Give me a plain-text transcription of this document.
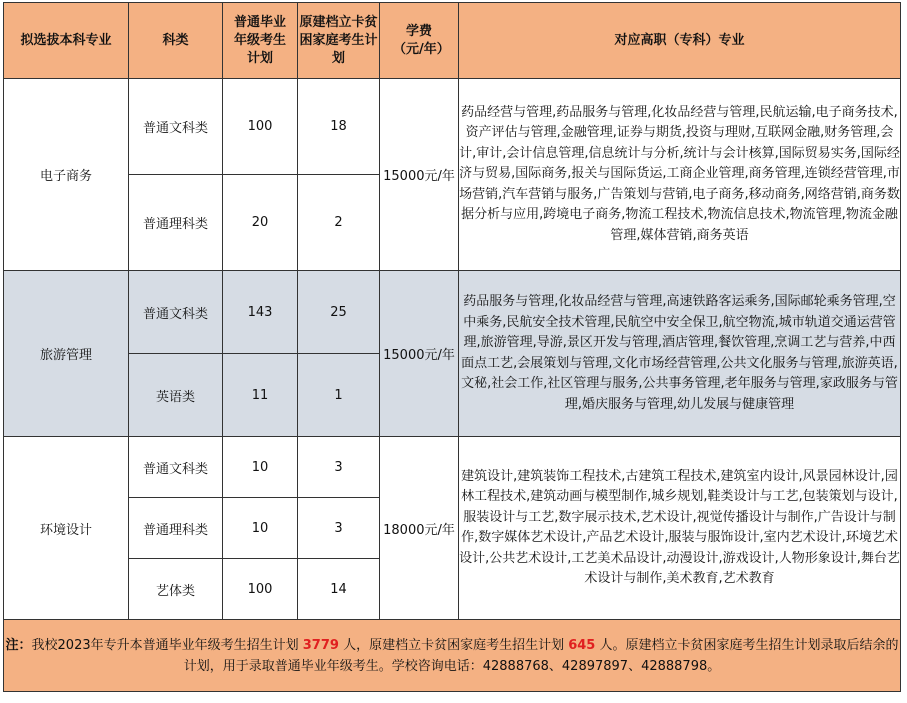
拟选拔本科专业	科类	普通毕业年级考生计划	原建档立卡贫困家庭考生计划	学费（元/年）	对应高职（专科）专业
电子商务	普通文科类	100	18	15000元/年	药品经营与管理,药品服务与管理,化妆品经营与管理,民航运输,电子商务技术,资产评估与管理,金融管理,证券与期货,投资与理财,互联网金融,财务管理,会计,审计,会计信息管理,信息统计与分析,统计与会计核算,国际贸易实务,国际经济与贸易,国际商务,报关与国际货运,工商企业管理,商务管理,连锁经营管理,市场营销,汽车营销与服务,广告策划与营销,电子商务,移动商务,网络营销,商务数据分析与应用,跨境电子商务,物流工程技术,物流信息技术,物流管理,物流金融管理,媒体营销,商务英语
	普通理科类	20	2		
旅游管理	普通文科类	143	25	15000元/年	药品服务与管理,化妆品经营与管理,高速铁路客运乘务,国际邮轮乘务管理,空中乘务,民航安全技术管理,民航空中安全保卫,航空物流,城市轨道交通运营管理,旅游管理,导游,景区开发与管理,酒店管理,餐饮管理,烹调工艺与营养,中西面点工艺,会展策划与管理,文化市场经营管理,公共文化服务与管理,旅游英语,文秘,社会工作,社区管理与服务,公共事务管理,老年服务与管理,家政服务与管理,婚庆服务与管理,幼儿发展与健康管理
	英语类	11	1		
环境设计	普通文科类	10	3	18000元/年	建筑设计,建筑装饰工程技术,古建筑工程技术,建筑室内设计,风景园林设计,园林工程技术,建筑动画与模型制作,城乡规划,鞋类设计与工艺,包装策划与设计,服装设计与工艺,数字展示技术,艺术设计,视觉传播设计与制作,广告设计与制作,数字媒体艺术设计,产品艺术设计,服装与服饰设计,室内艺术设计,环境艺术设计,公共艺术设计,工艺美术品设计,动漫设计,游戏设计,人物形象设计,舞台艺术设计与制作,美术教育,艺术教育
	普通理科类	10	3		
	艺体类	100	14		
注：我校2023年专升本普通毕业年级考生招生计划 3779 人，原建档立卡贫困家庭考生招生计划 645 人。原建档立卡贫困家庭考生招生计划录取后结余的计划，用于录取普通毕业年级考生。学校咨询电话：42888768、42897897、42888798。					
